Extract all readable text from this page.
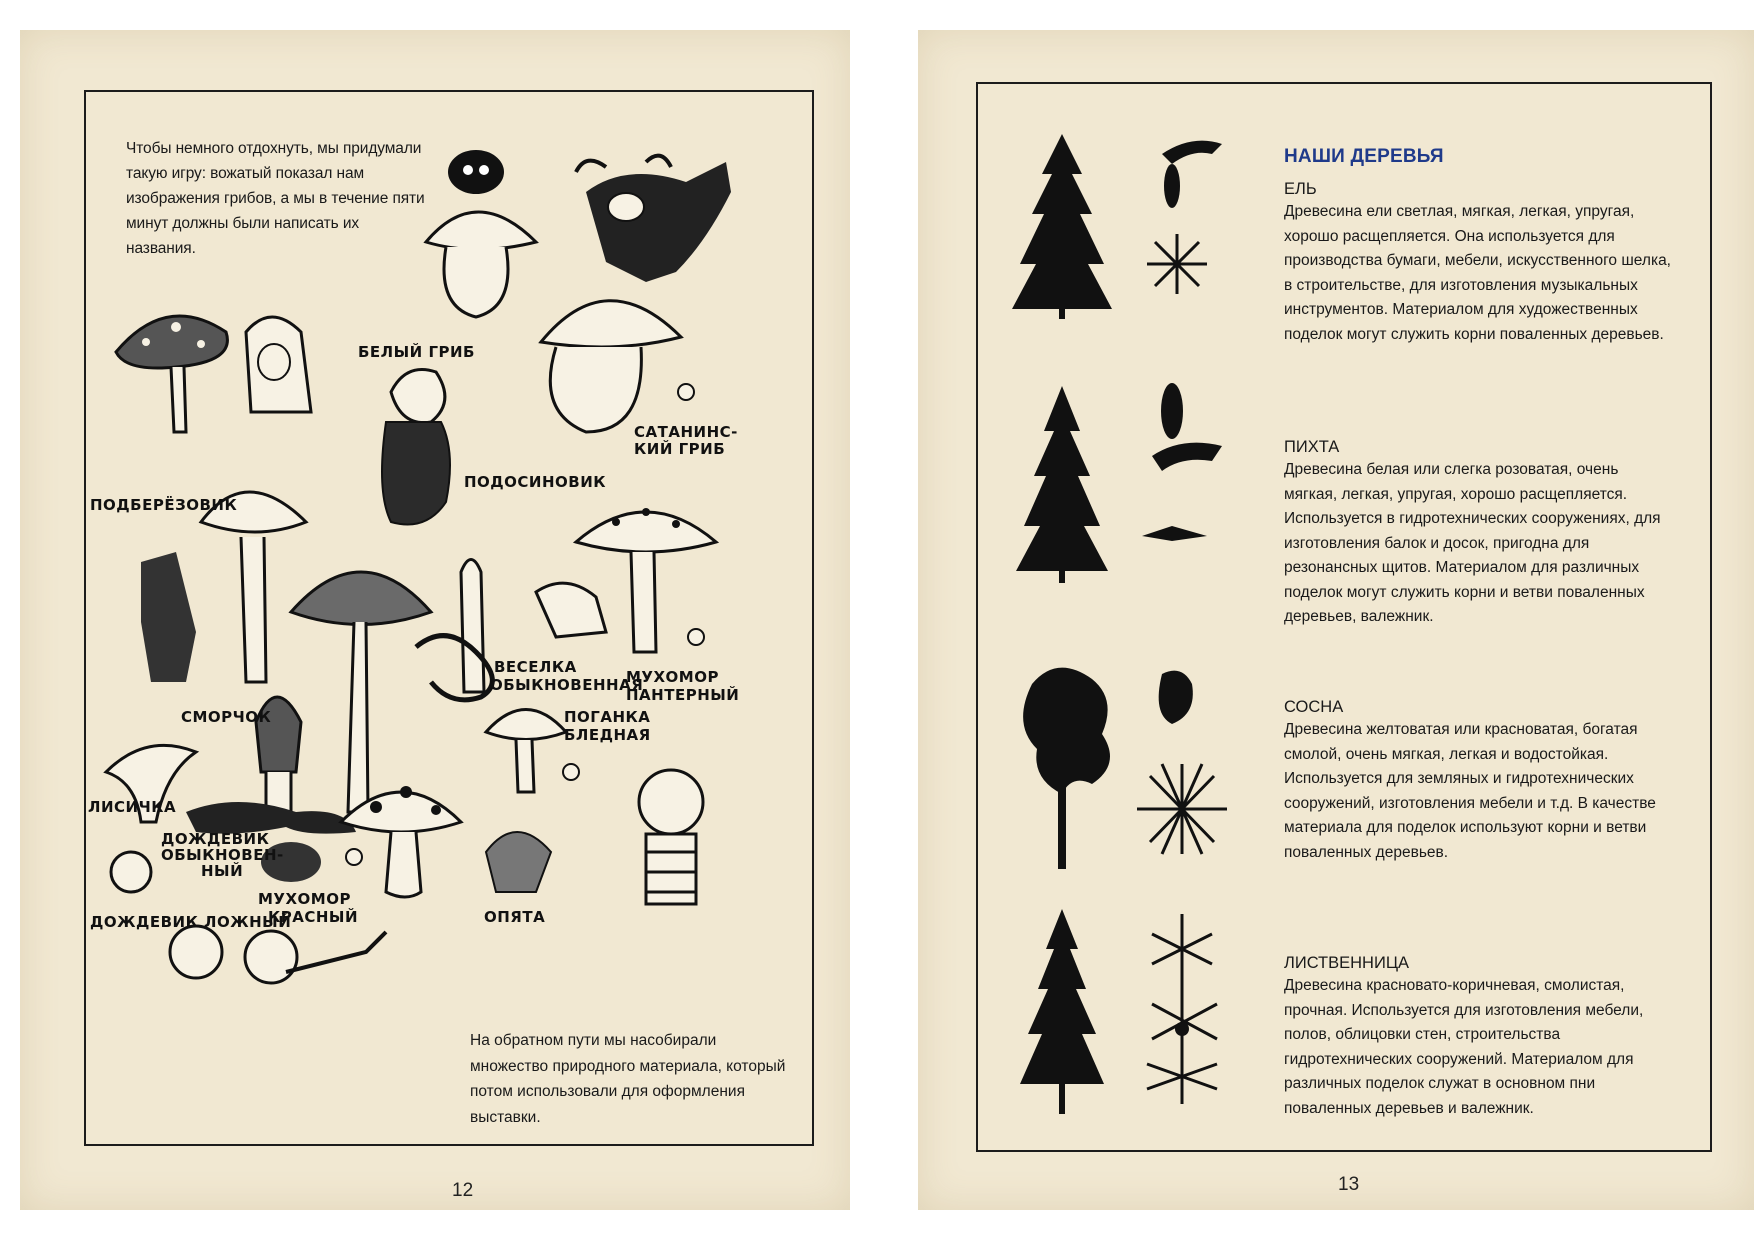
Чтобы немного отдохнуть, мы придумали такую игру: вожатый показал нам изображения грибов, а мы в течение пяти минут должны были написать их названия.
БЕЛЫЙ ГРИБ
САТАНИНС-
КИЙ ГРИБ
ПОДОСИНОВИК
ПОДБЕРЁЗОВИК
ВЕСЕЛКА
ОБЫКНОВЕННАЯ
МУХОМОР
ПАНТЕРНЫЙ
СМОРЧОК	ПОГАНКА
БЛЕДНАЯ
ЛИСИЧКА
ДОЖДЕВИК
ОБЫКНОВЕН-
НЫЙ
МУХОМОР
КРАСНЫЙ
ДОЖДЕВИК ЛОЖНЫЙ	ОПЯТА
На обратном пути мы насобирали множество природного материала, который потом использовали для оформления выставки.
12
НАШИ ДЕРЕВЬЯ
ЕЛЬ

Древесина ели светлая, мягкая, легкая, упругая, хорошо расщепляется. Она используется для производства бумаги, мебели, искусственного шелка, в строительстве, для изготовления музыкальных инструментов. Материалом для художественных поделок могут служить корни поваленных деревьев.

ПИХТА

Древесина белая или слегка розоватая, очень мягкая, легкая, упругая, хорошо расщепляется. Используется в гидротехнических сооружениях, для изготовления балок и досок, пригодна для резонансных щитов. Материалом для различных поделок могут служить корни и ветви поваленных деревьев, валежник.

СОСНА

Древесина желтоватая или красноватая, богатая смолой, очень мягкая, легкая и водостойкая. Используется для земляных и гидротехнических сооружений, изготовления мебели и т.д. В качестве материала для поделок используют корни и ветви поваленных деревьев.

ЛИСТВЕННИЦА

Древесина красновато-коричневая, смолистая, прочная. Используется для изготовления мебели, полов, облицовки стен, строительства гидротехнических сооружений. Материалом для различных поделок служат в основном пни поваленных деревьев и валежник.

13
